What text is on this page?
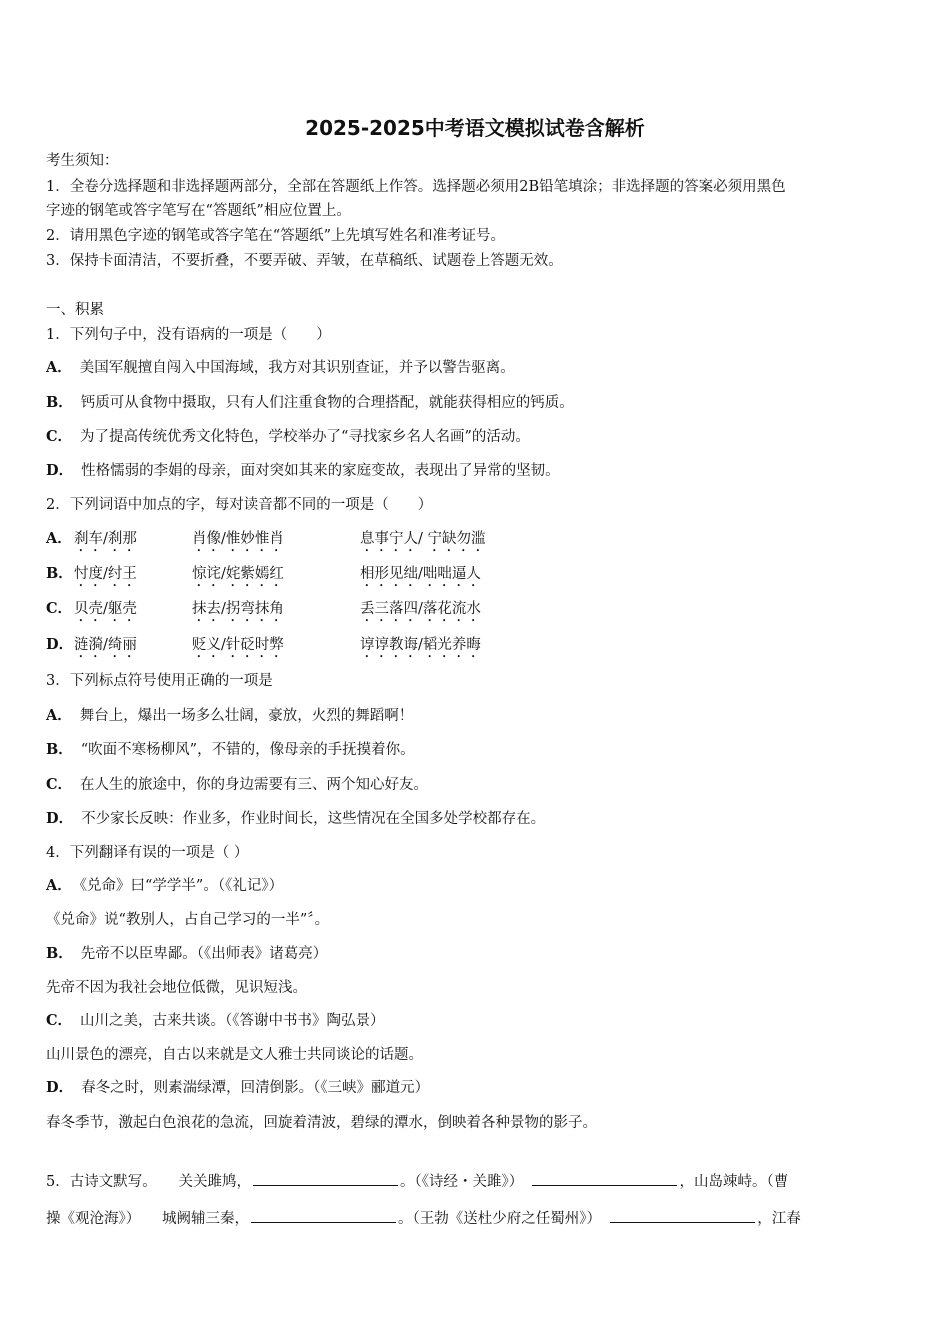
2025-2025中考语文模拟试卷含解析
考生须知：
1．全卷分选择题和非选择题两部分，全部在答题纸上作答。选择题必须用2B铅笔填涂；非选择题的答案必须用黑色
字迹的钢笔或答字笔写在“答题纸”相应位置上。
2．请用黑色字迹的钢笔或答字笔在“答题纸”上先填写姓名和准考证号。
3．保持卡面清洁，不要折叠，不要弄破、弄皱，在草稿纸、试题卷上答题无效。
一、积累
1．下列句子中，没有语病的一项是（　　）
A． 美国军舰擅自闯入中国海域，我方对其识别查证，并予以警告驱离。
B． 钙质可从食物中摄取，只有人们注重食物的合理搭配，就能获得相应的钙质。
C． 为了提高传统优秀文化特色，学校举办了“寻找家乡名人名画”的活动。
D． 性格懦弱的李娟的母亲，面对突如其来的家庭变故，表现出了异常的坚韧。
2．下列词语中加点的字，每对读音都不同的一项是（　　）
A． 刹车/刹那	肖像/惟妙惟肖	息事宁人/ 宁缺勿滥
B． 忖度/纣王	惊诧/姹紫嫣红	相形见绌/咄咄逼人
C． 贝壳/躯壳	抹去/拐弯抹角	丢三落四/落花流水
D． 涟漪/绮丽	贬义/针砭时弊	谆谆教诲/韬光养晦
3．下列标点符号使用正确的一项是
A． 舞台上，爆出一场多么壮阔，豪放，火烈的舞蹈啊！
B． “吹面不寒杨柳风”，不错的，像母亲的手抚摸着你。
C． 在人生的旅途中，你的身边需要有三、两个知心好友。
D． 不少家长反映：作业多，作业时间长，这些情况在全国多处学校都存在。
4．下列翻译有误的一项是（ ）
A． 《兑命》曰“学学半”。（《礼记》）
《兑命》说“教别人，占自己学习的一半”〞。
B． 先帝不以臣卑鄙。（《出师表》诸葛亮）
先帝不因为我社会地位低微，见识短浅。
C． 山川之美，古来共谈。（《答谢中书书》陶弘景）
山川景色的漂亮，自古以来就是文人雅士共同谈论的话题。
D． 春冬之时，则素湍绿潭，回清倒影。（《三峡》郦道元）
春冬季节，激起白色浪花的急流，回旋着清波，碧绿的潭水，倒映着各种景物的影子。
5．古诗文默写。　　关关雎鸠，	。（《诗经・关雎》）　	，山岛竦峙。（曹
操《观沧海》）　　城阙辅三秦，	。（王勃《送杜少府之任蜀州》）　	，江春
